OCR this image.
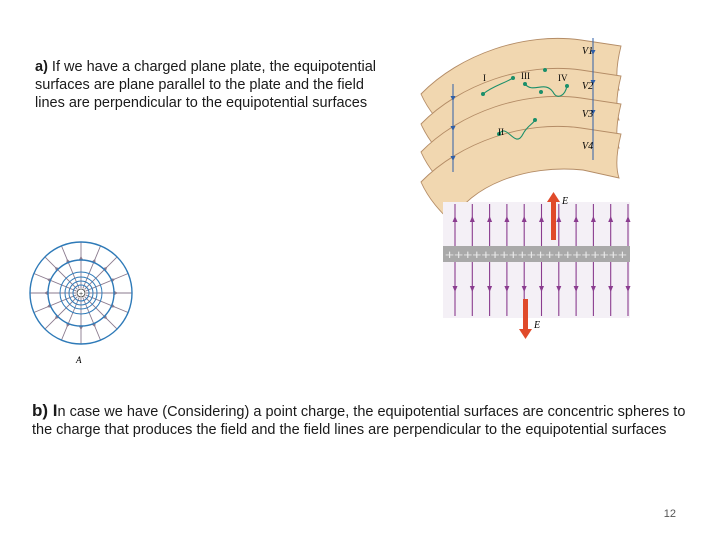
a) If we have a charged plane plate, the equipotential surfaces are plane parallel to the plate and the field lines are perpendicular to the equipotential surfaces

V1
V2
V3
V4
I	III	IV
II
++++++++++++++++++++
E
E
+
A

b) In case we have (Considering) a point charge, the equipotential surfaces are concentric spheres to the charge that produces the field and the field lines are perpendicular to the equipotential surfaces

12
